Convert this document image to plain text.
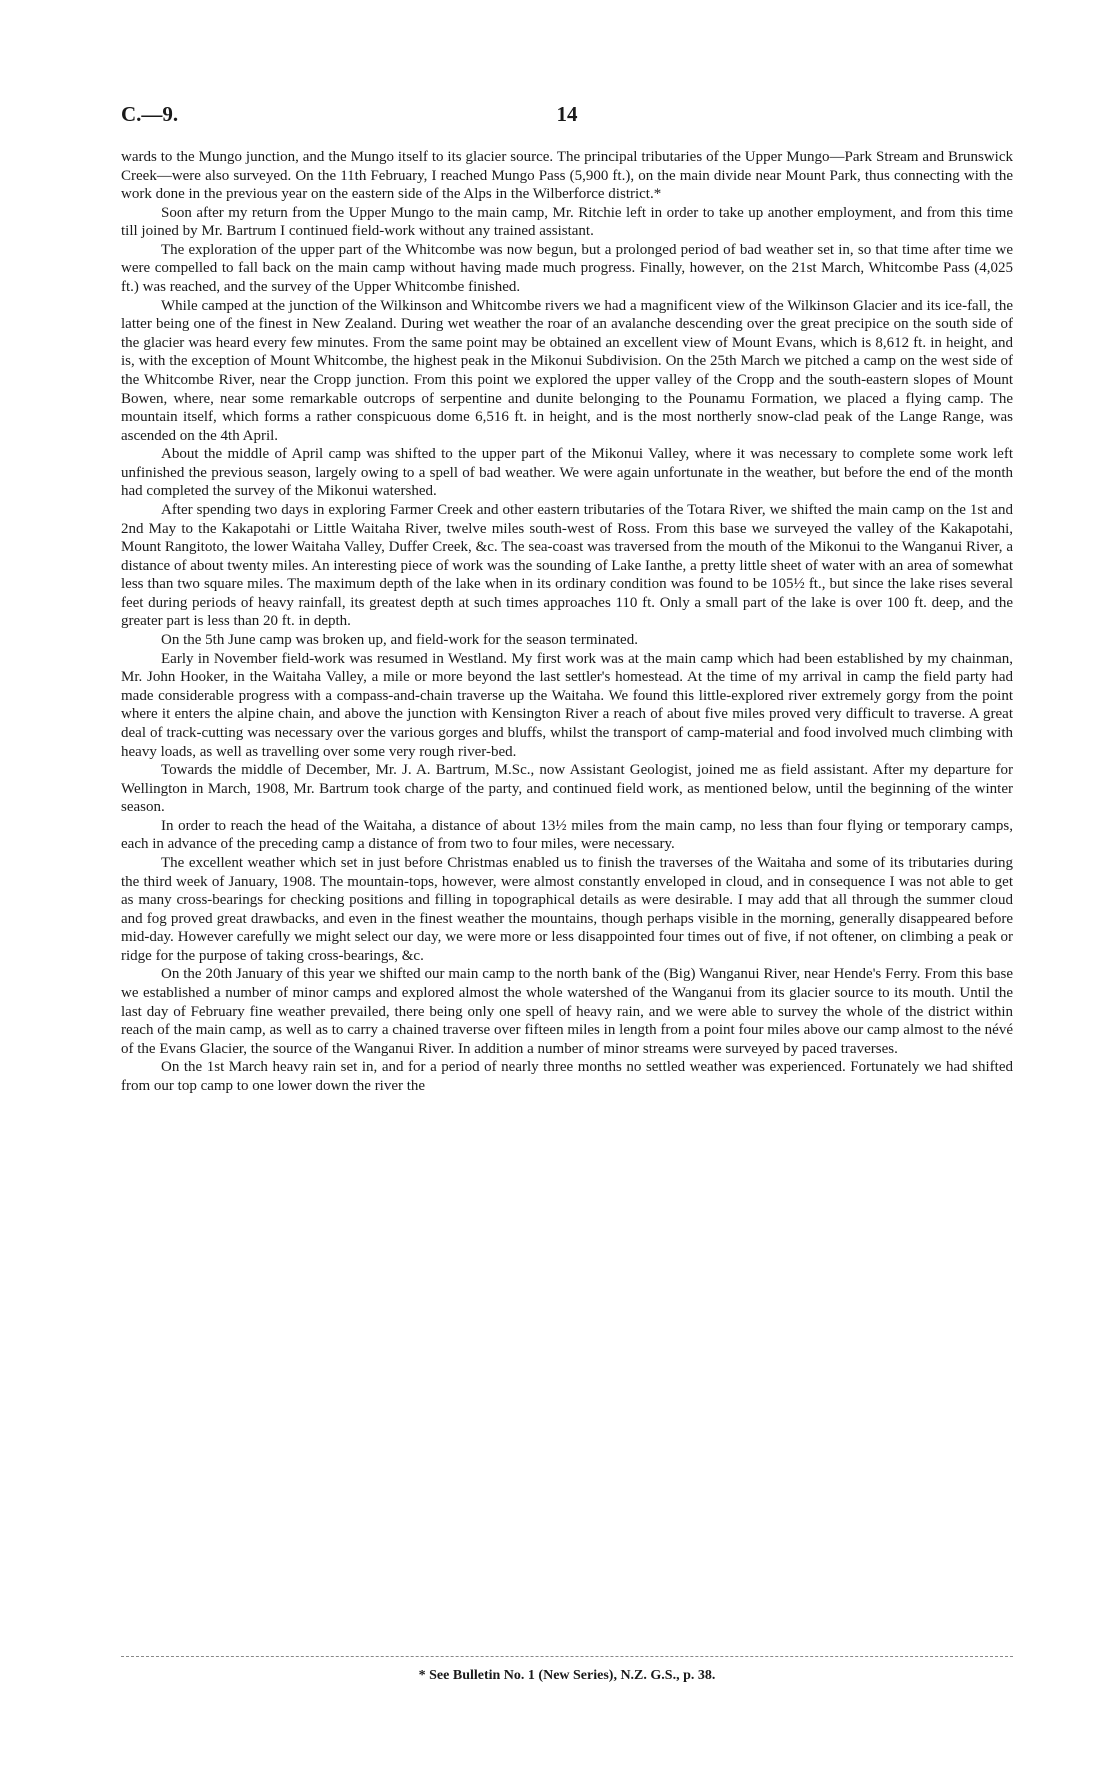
C.—9.	14

wards to the Mungo junction, and the Mungo itself to its glacier source. The principal tributaries of the Upper Mungo—Park Stream and Brunswick Creek—were also surveyed. On the 11th February, I reached Mungo Pass (5,900 ft.), on the main divide near Mount Park, thus connecting with the work done in the previous year on the eastern side of the Alps in the Wilberforce district.*

Soon after my return from the Upper Mungo to the main camp, Mr. Ritchie left in order to take up another employment, and from this time till joined by Mr. Bartrum I continued field-work without any trained assistant.

The exploration of the upper part of the Whitcombe was now begun, but a prolonged period of bad weather set in, so that time after time we were compelled to fall back on the main camp without having made much progress. Finally, however, on the 21st March, Whitcombe Pass (4,025 ft.) was reached, and the survey of the Upper Whitcombe finished.

While camped at the junction of the Wilkinson and Whitcombe rivers we had a magnificent view of the Wilkinson Glacier and its ice-fall, the latter being one of the finest in New Zealand. During wet weather the roar of an avalanche descending over the great precipice on the south side of the glacier was heard every few minutes. From the same point may be obtained an excellent view of Mount Evans, which is 8,612 ft. in height, and is, with the exception of Mount Whitcombe, the highest peak in the Mikonui Subdivision. On the 25th March we pitched a camp on the west side of the Whitcombe River, near the Cropp junction. From this point we explored the upper valley of the Cropp and the south-eastern slopes of Mount Bowen, where, near some remarkable outcrops of serpentine and dunite belonging to the Pounamu Formation, we placed a flying camp. The mountain itself, which forms a rather conspicuous dome 6,516 ft. in height, and is the most northerly snow-clad peak of the Lange Range, was ascended on the 4th April.

About the middle of April camp was shifted to the upper part of the Mikonui Valley, where it was necessary to complete some work left unfinished the previous season, largely owing to a spell of bad weather. We were again unfortunate in the weather, but before the end of the month had completed the survey of the Mikonui watershed.

After spending two days in exploring Farmer Creek and other eastern tributaries of the Totara River, we shifted the main camp on the 1st and 2nd May to the Kakapotahi or Little Waitaha River, twelve miles south-west of Ross. From this base we surveyed the valley of the Kakapotahi, Mount Rangitoto, the lower Waitaha Valley, Duffer Creek, &c. The sea-coast was traversed from the mouth of the Mikonui to the Wanganui River, a distance of about twenty miles. An interesting piece of work was the sounding of Lake Ianthe, a pretty little sheet of water with an area of somewhat less than two square miles. The maximum depth of the lake when in its ordinary condition was found to be 105½ ft., but since the lake rises several feet during periods of heavy rainfall, its greatest depth at such times approaches 110 ft. Only a small part of the lake is over 100 ft. deep, and the greater part is less than 20 ft. in depth.

On the 5th June camp was broken up, and field-work for the season terminated.

Early in November field-work was resumed in Westland. My first work was at the main camp which had been established by my chainman, Mr. John Hooker, in the Waitaha Valley, a mile or more beyond the last settler's homestead. At the time of my arrival in camp the field party had made considerable progress with a compass-and-chain traverse up the Waitaha. We found this little-explored river extremely gorgy from the point where it enters the alpine chain, and above the junction with Kensington River a reach of about five miles proved very difficult to traverse. A great deal of track-cutting was necessary over the various gorges and bluffs, whilst the transport of camp-material and food involved much climbing with heavy loads, as well as travelling over some very rough river-bed.

Towards the middle of December, Mr. J. A. Bartrum, M.Sc., now Assistant Geologist, joined me as field assistant. After my departure for Wellington in March, 1908, Mr. Bartrum took charge of the party, and continued field work, as mentioned below, until the beginning of the winter season.

In order to reach the head of the Waitaha, a distance of about 13½ miles from the main camp, no less than four flying or temporary camps, each in advance of the preceding camp a distance of from two to four miles, were necessary.

The excellent weather which set in just before Christmas enabled us to finish the traverses of the Waitaha and some of its tributaries during the third week of January, 1908. The mountain-tops, however, were almost constantly enveloped in cloud, and in consequence I was not able to get as many cross-bearings for checking positions and filling in topographical details as were desirable. I may add that all through the summer cloud and fog proved great drawbacks, and even in the finest weather the mountains, though perhaps visible in the morning, generally disappeared before mid-day. However carefully we might select our day, we were more or less disappointed four times out of five, if not oftener, on climbing a peak or ridge for the purpose of taking cross-bearings, &c.

On the 20th January of this year we shifted our main camp to the north bank of the (Big) Wanganui River, near Hende's Ferry. From this base we established a number of minor camps and explored almost the whole watershed of the Wanganui from its glacier source to its mouth. Until the last day of February fine weather prevailed, there being only one spell of heavy rain, and we were able to survey the whole of the district within reach of the main camp, as well as to carry a chained traverse over fifteen miles in length from a point four miles above our camp almost to the névé of the Evans Glacier, the source of the Wanganui River. In addition a number of minor streams were surveyed by paced traverses.

On the 1st March heavy rain set in, and for a period of nearly three months no settled weather was experienced. Fortunately we had shifted from our top camp to one lower down the river the

* See Bulletin No. 1 (New Series), N.Z. G.S., p. 38.
